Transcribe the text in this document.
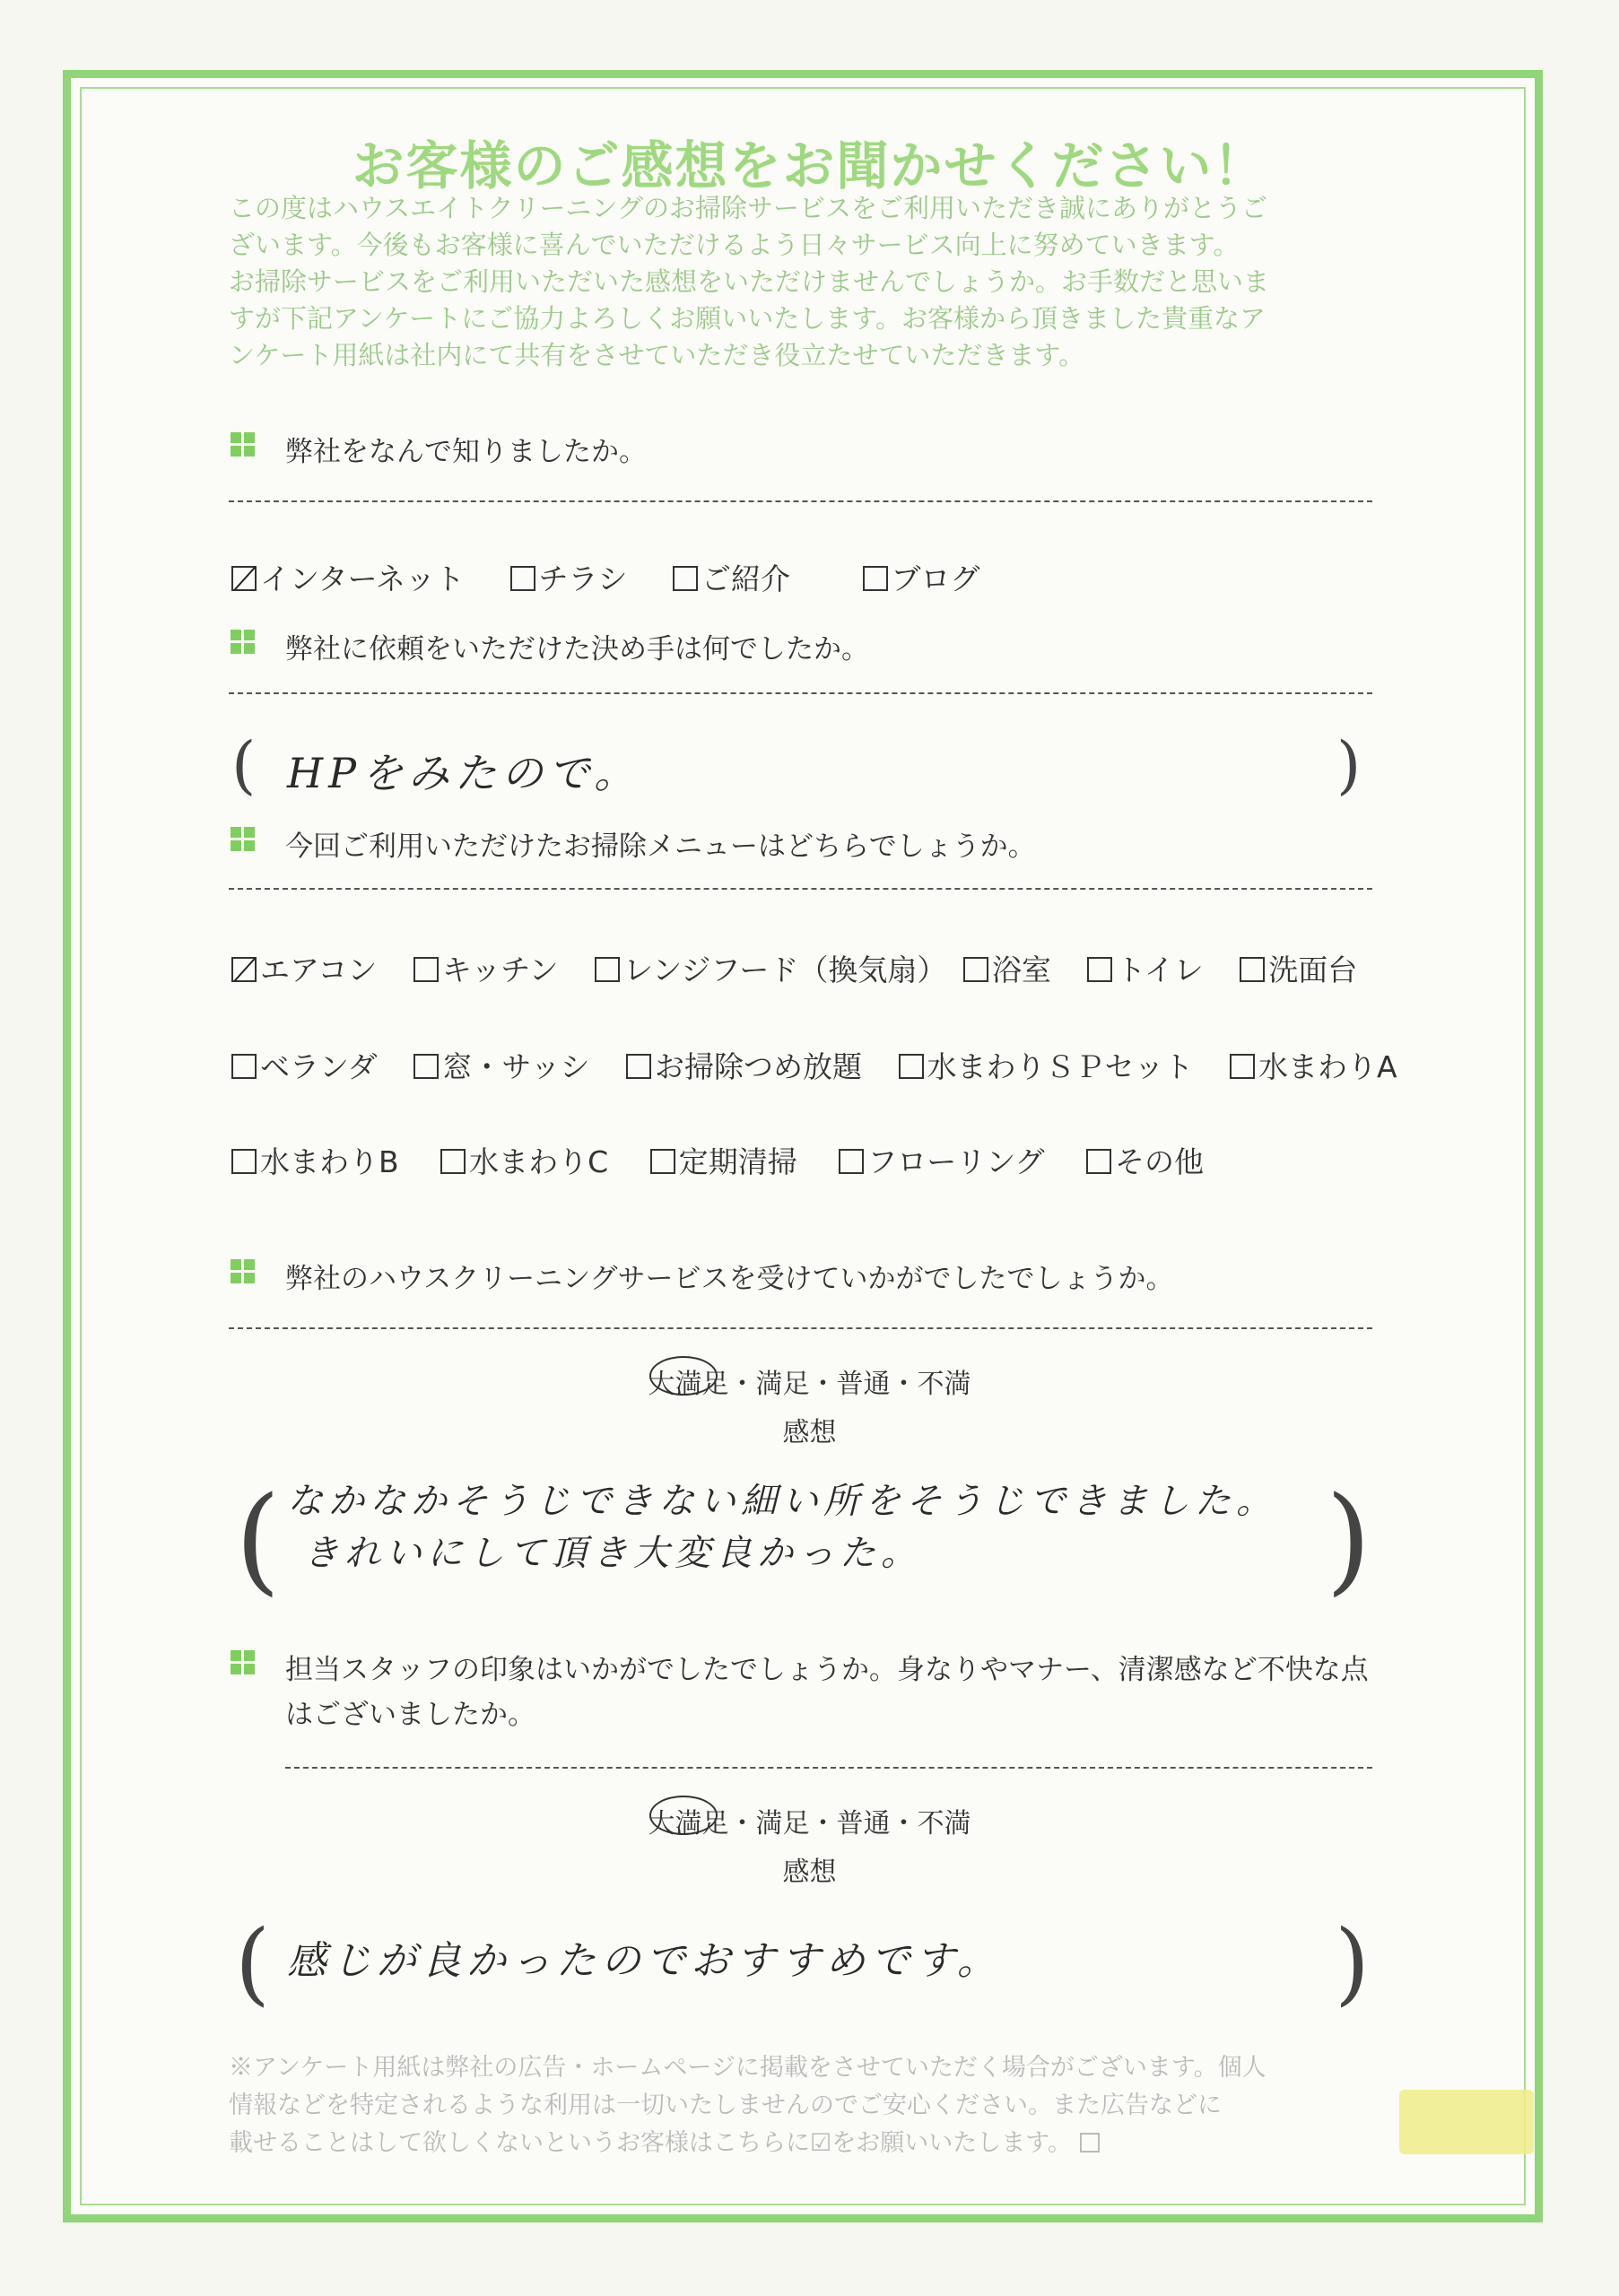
お客様のご感想をお聞かせください！
この度はハウスエイトクリーニングのお掃除サービスをご利用いただき誠にありがとうご
ざいます。今後もお客様に喜んでいただけるよう日々サービス向上に努めていきます。
お掃除サービスをご利用いただいた感想をいただけませんでしょうか。お手数だと思いま
すが下記アンケートにご協力よろしくお願いいたします。お客様から頂きました貴重なア
ンケート用紙は社内にて共有をさせていただき役立たせていただきます。
弊社をなんで知りましたか。
インターネット	チラシ	ご紹介	ブログ
弊社に依頼をいただけた決め手は何でしたか。
(	)
HPをみたので。
今回ご利用いただけたお掃除メニューはどちらでしょうか。
エアコン キッチン レンジフード（換気扇） 浴室 トイレ 洗面台
ベランダ 窓・サッシ お掃除つめ放題 水まわりＳＰセット 水まわりA
水まわりB 水まわりC 定期清掃 フローリング その他
弊社のハウスクリーニングサービスを受けていかがでしたでしょうか。
大満足・満足・普通・不満
感想
(	)
なかなかそうじできない細い所をそうじできました。
きれいにして頂き大変良かった。
担当スタッフの印象はいかがでしたでしょうか。身なりやマナー、清潔感など不快な点
はございましたか。
大満足・満足・普通・不満
感想
(	)
感じが良かったのでおすすめです。
※アンケート用紙は弊社の広告・ホームページに掲載をさせていただく場合がございます。個人
情報などを特定されるような利用は一切いたしませんのでご安心ください。また広告などに
載せることはして欲しくないというお客様はこちらに☑をお願いいたします。
